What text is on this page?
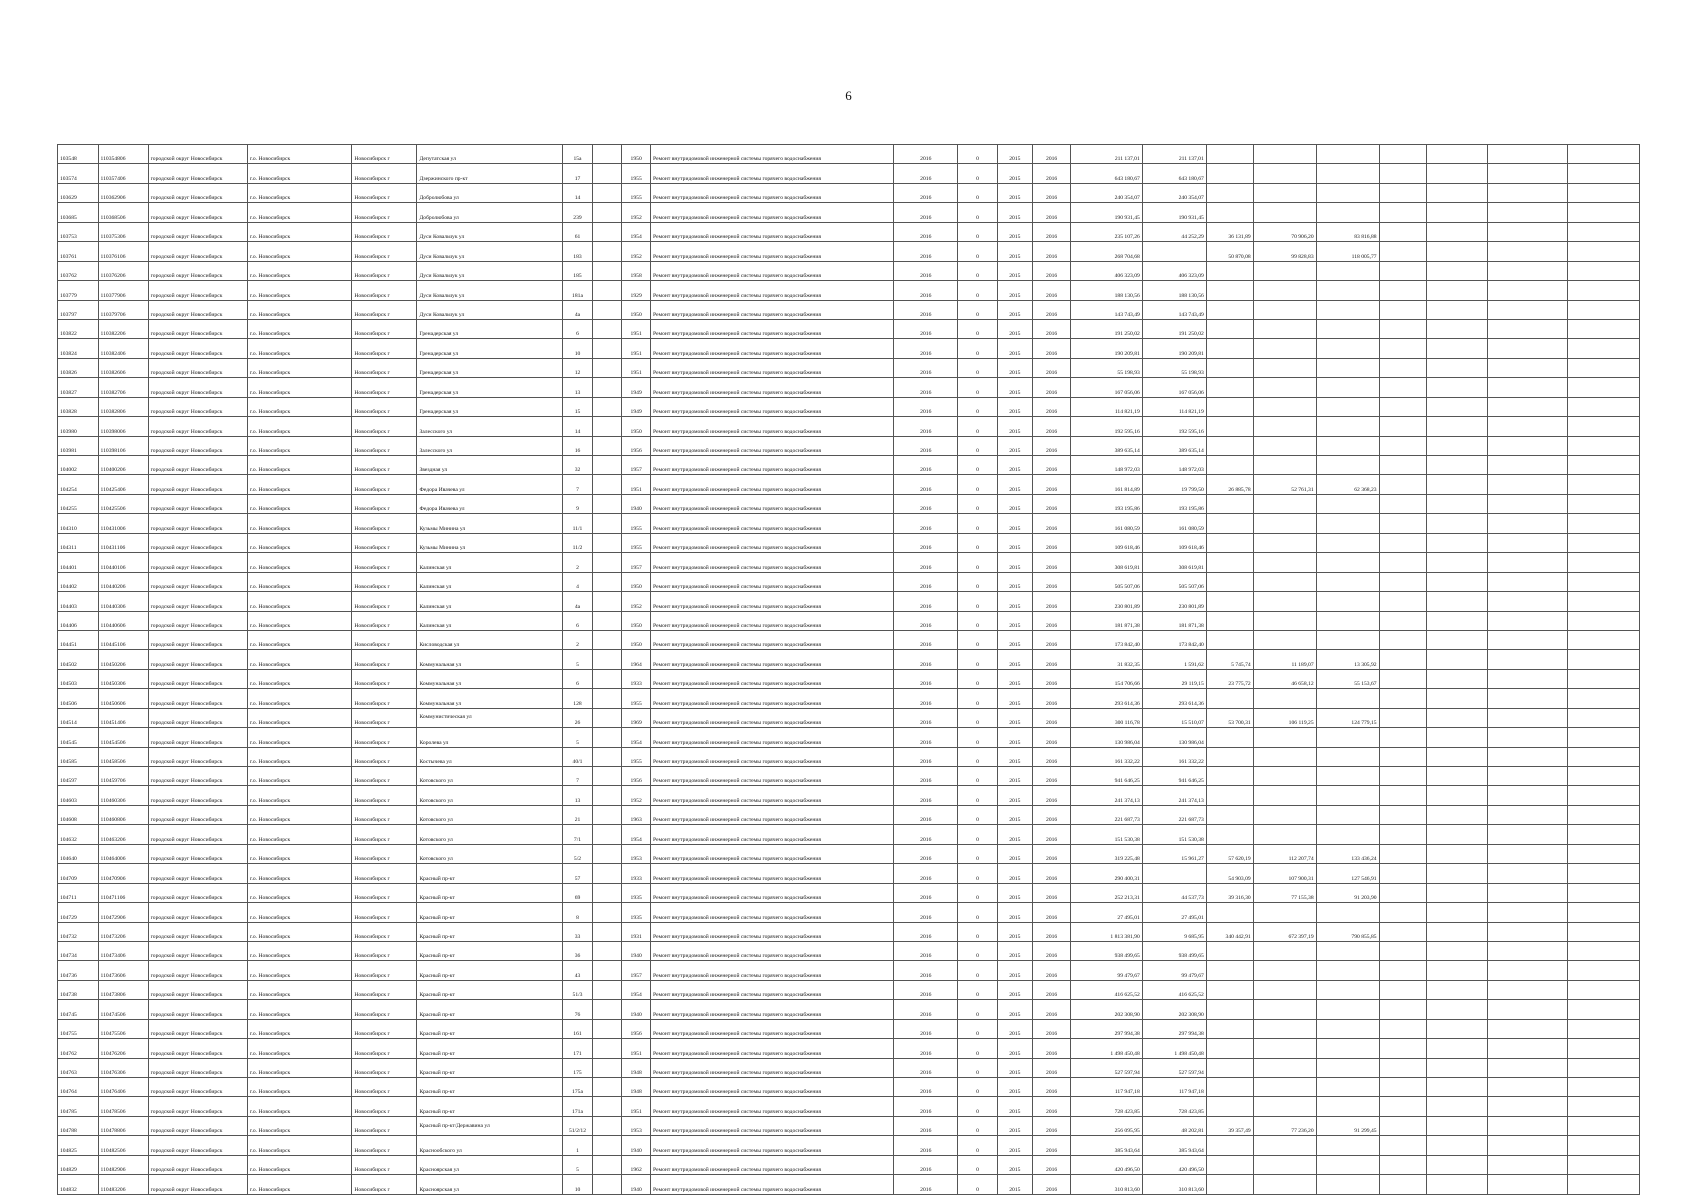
6
103548	110354806	городской округ Новосибирск	г.о. Новосибирск	Новосибирск г	Депутатская ул	15а		1950	Ремонт внутридомовой инженерной системы горячего водоснабжения	2016	0	2015	2016	211 137,01	211 137,01							
103574	110357406	городской округ Новосибирск	г.о. Новосибирск	Новосибирск г	Дзержинского пр-кт	17		1955	Ремонт внутридомовой инженерной системы горячего водоснабжения	2016	0	2015	2016	643 180,67	643 180,67							
103629	110362906	городской округ Новосибирск	г.о. Новосибирск	Новосибирск г	Добролюбова ул	14		1955	Ремонт внутридомовой инженерной системы горячего водоснабжения	2016	0	2015	2016	240 354,07	240 354,07							
103685	110368506	городской округ Новосибирск	г.о. Новосибирск	Новосибирск г	Добролюбова ул	239		1952	Ремонт внутридомовой инженерной системы горячего водоснабжения	2016	0	2015	2016	190 931,45	190 931,45							
103753	110375306	городской округ Новосибирск	г.о. Новосибирск	Новосибирск г	Дуси Ковальчук ул	61		1954	Ремонт внутридомовой инженерной системы горячего водоснабжения	2016	0	2015	2016	235 107,26	44 252,29	36 131,89	70 906,20	83 816,88				
103761	110376106	городской округ Новосибирск	г.о. Новосибирск	Новосибирск г	Дуси Ковальчук ул	183		1952	Ремонт внутридомовой инженерной системы горячего водоснабжения	2016	0	2015	2016	268 704,68		50 870,08	99 828,83	118 005,77				
103762	110376206	городской округ Новосибирск	г.о. Новосибирск	Новосибирск г	Дуси Ковальчук ул	185		1958	Ремонт внутридомовой инженерной системы горячего водоснабжения	2016	0	2015	2016	406 323,09	406 323,09							
103779	110377906	городской округ Новосибирск	г.о. Новосибирск	Новосибирск г	Дуси Ковальчук ул	181а		1929	Ремонт внутридомовой инженерной системы горячего водоснабжения	2016	0	2015	2016	188 130,56	188 130,56							
103797	110379706	городской округ Новосибирск	г.о. Новосибирск	Новосибирск г	Дуси Ковальчук ул	4а		1950	Ремонт внутридомовой инженерной системы горячего водоснабжения	2016	0	2015	2016	143 743,49	143 743,49							
103822	110382206	городской округ Новосибирск	г.о. Новосибирск	Новосибирск г	Гренадерская ул	6		1951	Ремонт внутридомовой инженерной системы горячего водоснабжения	2016	0	2015	2016	191 250,02	191 250,02							
103824	110382406	городской округ Новосибирск	г.о. Новосибирск	Новосибирск г	Гренадерская ул	10		1951	Ремонт внутридомовой инженерной системы горячего водоснабжения	2016	0	2015	2016	190 209,81	190 209,81							
103826	110382606	городской округ Новосибирск	г.о. Новосибирск	Новосибирск г	Гренадерская ул	12		1951	Ремонт внутридомовой инженерной системы горячего водоснабжения	2016	0	2015	2016	55 198,93	55 198,93							
103827	110382706	городской округ Новосибирск	г.о. Новосибирск	Новосибирск г	Гренадерская ул	13		1949	Ремонт внутридомовой инженерной системы горячего водоснабжения	2016	0	2015	2016	167 056,06	167 056,06							
103828	110382806	городской округ Новосибирск	г.о. Новосибирск	Новосибирск г	Гренадерская ул	15		1949	Ремонт внутридомовой инженерной системы горячего водоснабжения	2016	0	2015	2016	114 821,19	114 821,19							
103980	110398006	городской округ Новосибирск	г.о. Новосибирск	Новосибирск г	Залесского ул	14		1950	Ремонт внутридомовой инженерной системы горячего водоснабжения	2016	0	2015	2016	192 595,16	192 595,16							
103981	110398106	городской округ Новосибирск	г.о. Новосибирск	Новосибирск г	Залесского ул	16		1956	Ремонт внутридомовой инженерной системы горячего водоснабжения	2016	0	2015	2016	389 635,14	389 635,14							
104002	110400206	городской округ Новосибирск	г.о. Новосибирск	Новосибирск г	Звездная ул	32		1957	Ремонт внутридомовой инженерной системы горячего водоснабжения	2016	0	2015	2016	148 972,03	148 972,03							
104254	110425406	городской округ Новосибирск	г.о. Новосибирск	Новосибирск г	Федора Ивачева ул	7		1951	Ремонт внутридомовой инженерной системы горячего водоснабжения	2016	0	2015	2016	161 814,89	19 799,50	26 885,78	52 761,31	62 368,23				
104255	110425506	городской округ Новосибирск	г.о. Новосибирск	Новосибирск г	Федора Ивачева ул	9		1940	Ремонт внутридомовой инженерной системы горячего водоснабжения	2016	0	2015	2016	193 195,86	193 195,86							
104310	110431006	городской округ Новосибирск	г.о. Новосибирск	Новосибирск г	Кузьмы Минина ул	11/1		1955	Ремонт внутридомовой инженерной системы горячего водоснабжения	2016	0	2015	2016	161 080,59	161 080,59							
104311	110431106	городской округ Новосибирск	г.о. Новосибирск	Новосибирск г	Кузьмы Минина ул	11/2		1955	Ремонт внутридомовой инженерной системы горячего водоснабжения	2016	0	2015	2016	109 618,46	109 618,46							
104401	110440106	городской округ Новосибирск	г.о. Новосибирск	Новосибирск г	Калинская ул	2		1957	Ремонт внутридомовой инженерной системы горячего водоснабжения	2016	0	2015	2016	308 619,81	308 619,81							
104402	110440206	городской округ Новосибирск	г.о. Новосибирск	Новосибирск г	Калинская ул	4		1950	Ремонт внутридомовой инженерной системы горячего водоснабжения	2016	0	2015	2016	505 507,06	505 507,06							
104403	110440306	городской округ Новосибирск	г.о. Новосибирск	Новосибирск г	Калинская ул	4а		1952	Ремонт внутридомовой инженерной системы горячего водоснабжения	2016	0	2015	2016	230 801,89	230 801,89							
104406	110440606	городской округ Новосибирск	г.о. Новосибирск	Новосибирск г	Калинская ул	6		1950	Ремонт внутридомовой инженерной системы горячего водоснабжения	2016	0	2015	2016	181 871,38	181 871,38							
104451	110445106	городской округ Новосибирск	г.о. Новосибирск	Новосибирск г	Кисловодская ул	2		1950	Ремонт внутридомовой инженерной системы горячего водоснабжения	2016	0	2015	2016	173 842,40	173 842,40							
104502	110450206	городской округ Новосибирск	г.о. Новосибирск	Новосибирск г	Коммунальная ул	5		1964	Ремонт внутридомовой инженерной системы горячего водоснабжения	2016	0	2015	2016	31 832,35	1 591,62	5 745,74	11 189,07	13 305,92				
104503	110450306	городской округ Новосибирск	г.о. Новосибирск	Новосибирск г	Коммунальная ул	6		1933	Ремонт внутридомовой инженерной системы горячего водоснабжения	2016	0	2015	2016	154 706,66	29 119,15	23 775,72	46 658,12	55 153,67				
104506	110450606	городской округ Новосибирск	г.о. Новосибирск	Новосибирск г	Коммунальная ул	128		1955	Ремонт внутридомовой инженерной системы горячего водоснабжения	2016	0	2015	2016	293 614,36	293 614,36							
104514	110451406	городской округ Новосибирск	г.о. Новосибирск	Новосибирск г	Коммунистическая ул	26		1969	Ремонт внутридомовой инженерной системы горячего водоснабжения	2016	0	2015	2016	300 116,78	15 510,07	53 700,31	106 119,25	124 779,15				
104545	110454506	городской округ Новосибирск	г.о. Новосибирск	Новосибирск г	Королева ул	5		1954	Ремонт внутридомовой инженерной системы горячего водоснабжения	2016	0	2015	2016	130 986,04	130 986,04							
104585	110458506	городской округ Новосибирск	г.о. Новосибирск	Новосибирск г	Костычева ул	40/1		1955	Ремонт внутридомовой инженерной системы горячего водоснабжения	2016	0	2015	2016	161 332,22	161 332,22							
104597	110459706	городской округ Новосибирск	г.о. Новосибирск	Новосибирск г	Котовского ул	7		1956	Ремонт внутридомовой инженерной системы горячего водоснабжения	2016	0	2015	2016	941 646,25	941 646,25							
104603	110460306	городской округ Новосибирск	г.о. Новосибирск	Новосибирск г	Котовского ул	13		1952	Ремонт внутридомовой инженерной системы горячего водоснабжения	2016	0	2015	2016	241 374,13	241 374,13							
104608	110460806	городской округ Новосибирск	г.о. Новосибирск	Новосибирск г	Котовского ул	21		1963	Ремонт внутридомовой инженерной системы горячего водоснабжения	2016	0	2015	2016	221 687,73	221 687,73							
104632	110463206	городской округ Новосибирск	г.о. Новосибирск	Новосибирск г	Котовского ул	7/1		1954	Ремонт внутридомовой инженерной системы горячего водоснабжения	2016	0	2015	2016	151 530,38	151 530,38							
104640	110464006	городской округ Новосибирск	г.о. Новосибирск	Новосибирск г	Котовского ул	5/2		1953	Ремонт внутридомовой инженерной системы горячего водоснабжения	2016	0	2015	2016	319 225,48	15 961,27	57 620,19	112 207,74	133 436,24				
104709	110470906	городской округ Новосибирск	г.о. Новосибирск	Новосибирск г	Красный пр-кт	57		1933	Ремонт внутридомовой инженерной системы горячего водоснабжения	2016	0	2015	2016	290 400,31		54 903,09	107 900,31	127 546,91				
104711	110471106	городской округ Новосибирск	г.о. Новосибирск	Новосибирск г	Красный пр-кт	69		1935	Ремонт внутридомовой инженерной системы горячего водоснабжения	2016	0	2015	2016	252 213,31	44 537,73	39 316,30	77 155,38	91 203,90				
104729	110472906	городской округ Новосибирск	г.о. Новосибирск	Новосибирск г	Красный пр-кт	8		1935	Ремонт внутридомовой инженерной системы горячего водоснабжения	2016	0	2015	2016	27 495,01	27 495,01							
104732	110473206	городской округ Новосибирск	г.о. Новосибирск	Новосибирск г	Красный пр-кт	33		1931	Ремонт внутридомовой инженерной системы горячего водоснабжения	2016	0	2015	2016	1 813 381,90	9 685,95	340 442,91	672 397,19	790 855,85				
104734	110473406	городской округ Новосибирск	г.о. Новосибирск	Новосибирск г	Красный пр-кт	36		1940	Ремонт внутридомовой инженерной системы горячего водоснабжения	2016	0	2015	2016	938 499,65	938 499,65							
104736	110473606	городской округ Новосибирск	г.о. Новосибирск	Новосибирск г	Красный пр-кт	43		1957	Ремонт внутридомовой инженерной системы горячего водоснабжения	2016	0	2015	2016	99 479,67	99 479,67							
104738	110473806	городской округ Новосибирск	г.о. Новосибирск	Новосибирск г	Красный пр-кт	51/3		1954	Ремонт внутридомовой инженерной системы горячего водоснабжения	2016	0	2015	2016	416 625,52	416 625,52							
104745	110474506	городской округ Новосибирск	г.о. Новосибирск	Новосибирск г	Красный пр-кт	76		1940	Ремонт внутридомовой инженерной системы горячего водоснабжения	2016	0	2015	2016	202 308,90	202 308,90							
104755	110475506	городской округ Новосибирск	г.о. Новосибирск	Новосибирск г	Красный пр-кт	161		1956	Ремонт внутридомовой инженерной системы горячего водоснабжения	2016	0	2015	2016	297 994,38	297 994,38							
104762	110476206	городской округ Новосибирск	г.о. Новосибирск	Новосибирск г	Красный пр-кт	171		1951	Ремонт внутридомовой инженерной системы горячего водоснабжения	2016	0	2015	2016	1 498 450,48	1 498 450,48							
104763	110476306	городской округ Новосибирск	г.о. Новосибирск	Новосибирск г	Красный пр-кт	175		1948	Ремонт внутридомовой инженерной системы горячего водоснабжения	2016	0	2015	2016	527 597,94	527 597,94							
104764	110476406	городской округ Новосибирск	г.о. Новосибирск	Новосибирск г	Красный пр-кт	175а		1948	Ремонт внутридомовой инженерной системы горячего водоснабжения	2016	0	2015	2016	117 947,18	117 947,18							
104785	110478506	городской округ Новосибирск	г.о. Новосибирск	Новосибирск г	Красный пр-кт	171а		1951	Ремонт внутридомовой инженерной системы горячего водоснабжения	2016	0	2015	2016	728 423,85	728 423,85							
104788	110478806	городской округ Новосибирск	г.о. Новосибирск	Новосибирск г	Красный пр-кт/Державина ул	51/2/12		1953	Ремонт внутридомовой инженерной системы горячего водоснабжения	2016	0	2015	2016	256 095,95	48 202,81	39 357,49	77 236,20	91 299,45				
104825	110482506	городской округ Новосибирск	г.о. Новосибирск	Новосибирск г	Краснообского ул	1		1940	Ремонт внутридомовой инженерной системы горячего водоснабжения	2016	0	2015	2016	385 943,64	385 943,64							
104829	110482906	городской округ Новосибирск	г.о. Новосибирск	Новосибирск г	Красноярская ул	5		1962	Ремонт внутридомовой инженерной системы горячего водоснабжения	2016	0	2015	2016	420 496,50	420 496,50							
104832	110483206	городской округ Новосибирск	г.о. Новосибирск	Новосибирск г	Красноярская ул	10		1940	Ремонт внутридомовой инженерной системы горячего водоснабжения	2016	0	2015	2016	310 813,60	310 813,60							
